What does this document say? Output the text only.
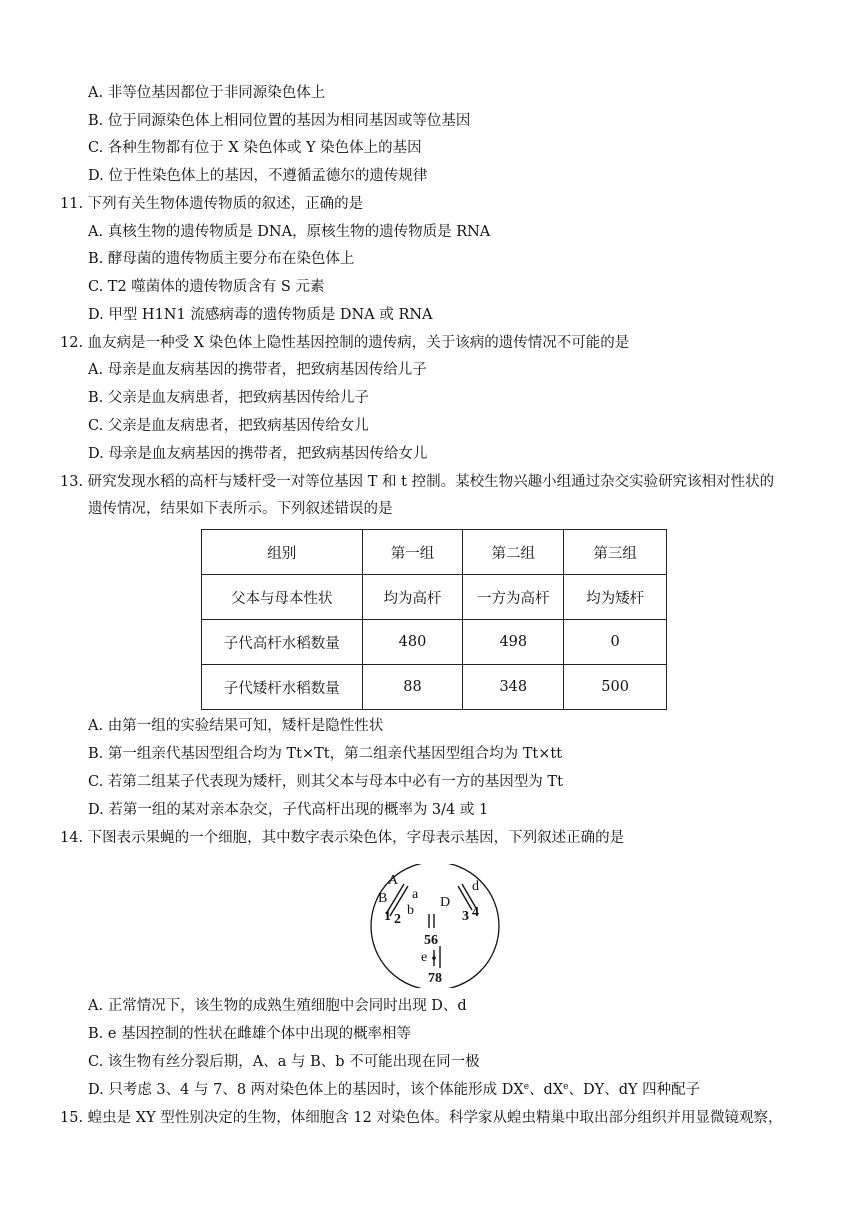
A. 非等位基因都位于非同源染色体上
B. 位于同源染色体上相同位置的基因为相同基因或等位基因
C. 各种生物都有位于 X 染色体或 Y 染色体上的基因
D. 位于性染色体上的基因，不遵循孟德尔的遗传规律
11. 下列有关生物体遗传物质的叙述，正确的是
A. 真核生物的遗传物质是 DNA，原核生物的遗传物质是 RNA
B. 酵母菌的遗传物质主要分布在染色体上
C. T2 噬菌体的遗传物质含有 S 元素
D. 甲型 H1N1 流感病毒的遗传物质是 DNA 或 RNA
12. 血友病是一种受 X 染色体上隐性基因控制的遗传病，关于该病的遗传情况不可能的是
A. 母亲是血友病基因的携带者，把致病基因传给儿子
B. 父亲是血友病患者，把致病基因传给儿子
C. 父亲是血友病患者，把致病基因传给女儿
D. 母亲是血友病基因的携带者，把致病基因传给女儿
13. 研究发现水稻的高杆与矮杆受一对等位基因 T 和 t 控制。某校生物兴趣小组通过杂交实验研究该相对性状的
遗传情况，结果如下表所示。下列叙述错误的是
组别	第一组	第二组	第三组
父本与母本性状	均为高杆	一方为高杆	均为矮杆
子代高杆水稻数量	480	498	0
子代矮杆水稻数量	88	348	500
A. 由第一组的实验结果可知，矮杆是隐性性状
B. 第一组亲代基因型组合均为 Tt×Tt，第二组亲代基因型组合均为 Tt×tt
C. 若第二组某子代表现为矮杆，则其父本与母本中必有一方的基因型为 Tt
D. 若第一组的某对亲本杂交，子代高杆出现的概率为 3/4 或 1
14. 下图表示果蝇的一个细胞，其中数字表示染色体，字母表示基因，下列叙述正确的是
A
a
B
b
1 2
D
d
3 4
56
e
78
A. 正常情况下，该生物的成熟生殖细胞中会同时出现 D、d
B. e 基因控制的性状在雌雄个体中出现的概率相等
C. 该生物有丝分裂后期，A、a 与 B、b 不可能出现在同一极
D. 只考虑 3、4 与 7、8 两对染色体上的基因时，该个体能形成 DXe、$dX^e$、DY、dY 四种配子
15. 蝗虫是 XY 型性别决定的生物，体细胞含 12 对染色体。科学家从蝗虫精巢中取出部分组织并用显微镜观察，
